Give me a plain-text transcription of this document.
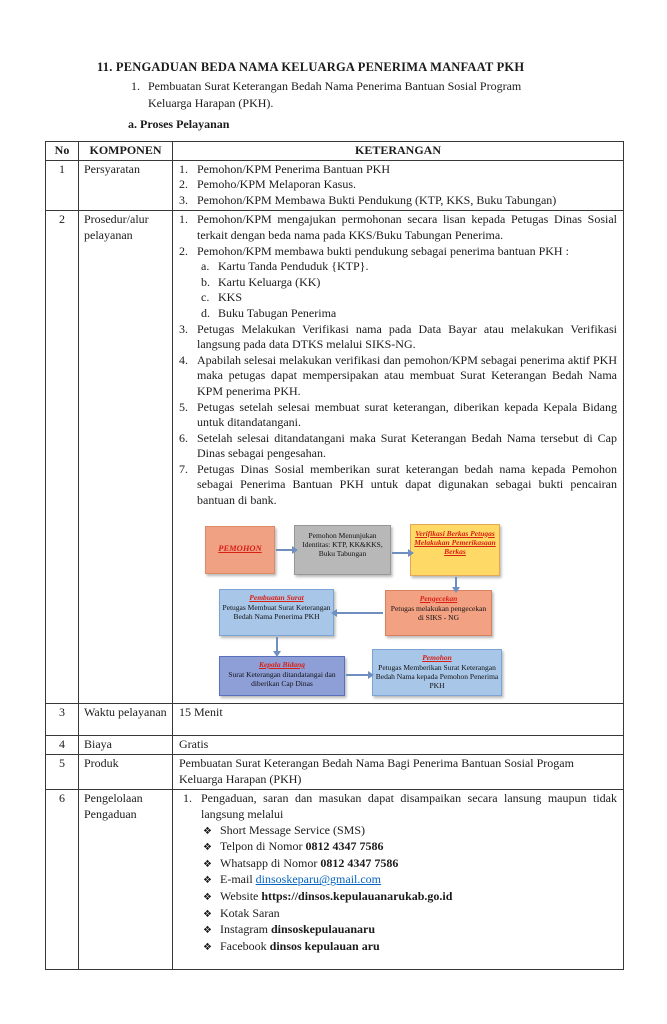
11. PENGADUAN BEDA NAMA KELUARGA PENERIMA MANFAAT PKH
1. Pembuatan Surat Keterangan Bedah Nama Penerima Bantuan Sosial Program
Keluarga Harapan (PKH).
a. Proses Pelayanan
No	KOMPONEN	KETERANGAN
1	Persyaratan	1. Pemohon/KPM Penerima Bantuan PKH
2. Pemoho/KPM Melaporan Kasus.
3. Pemohon/KPM Membawa Bukti Pendukung (KTP, KKS, Buku Tabungan)

2	Prosedur/alur pelayanan	
1. Pemohon/KPM mengajukan permohonan secara lisan kepada Petugas Dinas Sosial terkait dengan beda nama pada KKS/Buku Tabungan Penerima.
2. Pemohon/KPM membawa bukti pendukung sebagai penerima bantuan PKH :
a. Kartu Tanda Penduduk {KTP}.
b. Kartu Keluarga (KK)
c. KKS
d. Buku Tabugan Penerima
3. Petugas Melakukan Verifikasi nama pada Data Bayar atau melakukan Verifikasi langsung pada data DTKS melalui SIKS-NG.
4. Apabilah selesai melakukan verifikasi dan pemohon/KPM sebagai penerima aktif PKH maka petugas dapat mempersipakan atau membuat Surat Keterangan Bedah Nama KPM penerima PKH.
5. Petugas setelah selesai membuat surat keterangan, diberikan kepada Kepala Bidang untuk ditandatangani.
6. Setelah selesai ditandatangani maka Surat Keterangan Bedah Nama tersebut di Cap Dinas sebagai pengesahan.
7. Petugas Dinas Sosial memberikan surat keterangan bedah nama kepada Pemohon sebagai Penerima Bantuan PKH untuk dapat digunakan sebagai bukti pencairan bantuan di bank.
PEMOHON
Pemohon Menunjukan Identitas: KTP, KK&KKS, Buku Tabungan
Verifikasi Berkas Petugas Melakukan Pemerikasaan Berkas
Pembuatan Surat
Petugas Membuat Surat Keterangan Bedah Nama Penerima PKH
Pengecekan
Petugas melakukan pengecekan di SIKS - NG
Kepala Bidang
Surat Keterangan ditandatangai dan diberikan Cap Dinas
Pemohon
Petugas Memberikan Surat Keterangan Bedah Nama kepada Pemohon Penerima PKH

3	Waktu pelayanan	15 Menit
4	Biaya	Gratis
5	Produk	Pembuatan Surat Keterangan Bedah Nama Bagi Penerima Bantuan Sosial Progam Keluarga Harapan (PKH)
6	Pengelolaan Pengaduan	
1. Pengaduan, saran dan masukan dapat disampaikan secara lansung maupun tidak langsung melalui
❖ Short Message Service (SMS)
❖ Telpon di Nomor 0812 4347 7586
❖ Whatsapp di Nomor 0812 4347 7586
❖ E-mail dinsoskeparu@gmail.com
❖ Website https://dinsos.kepulauanarukab.go.id
❖ Kotak Saran
❖ Instagram dinsoskepulauanaru
❖ Facebook dinsos kepulauan aru
